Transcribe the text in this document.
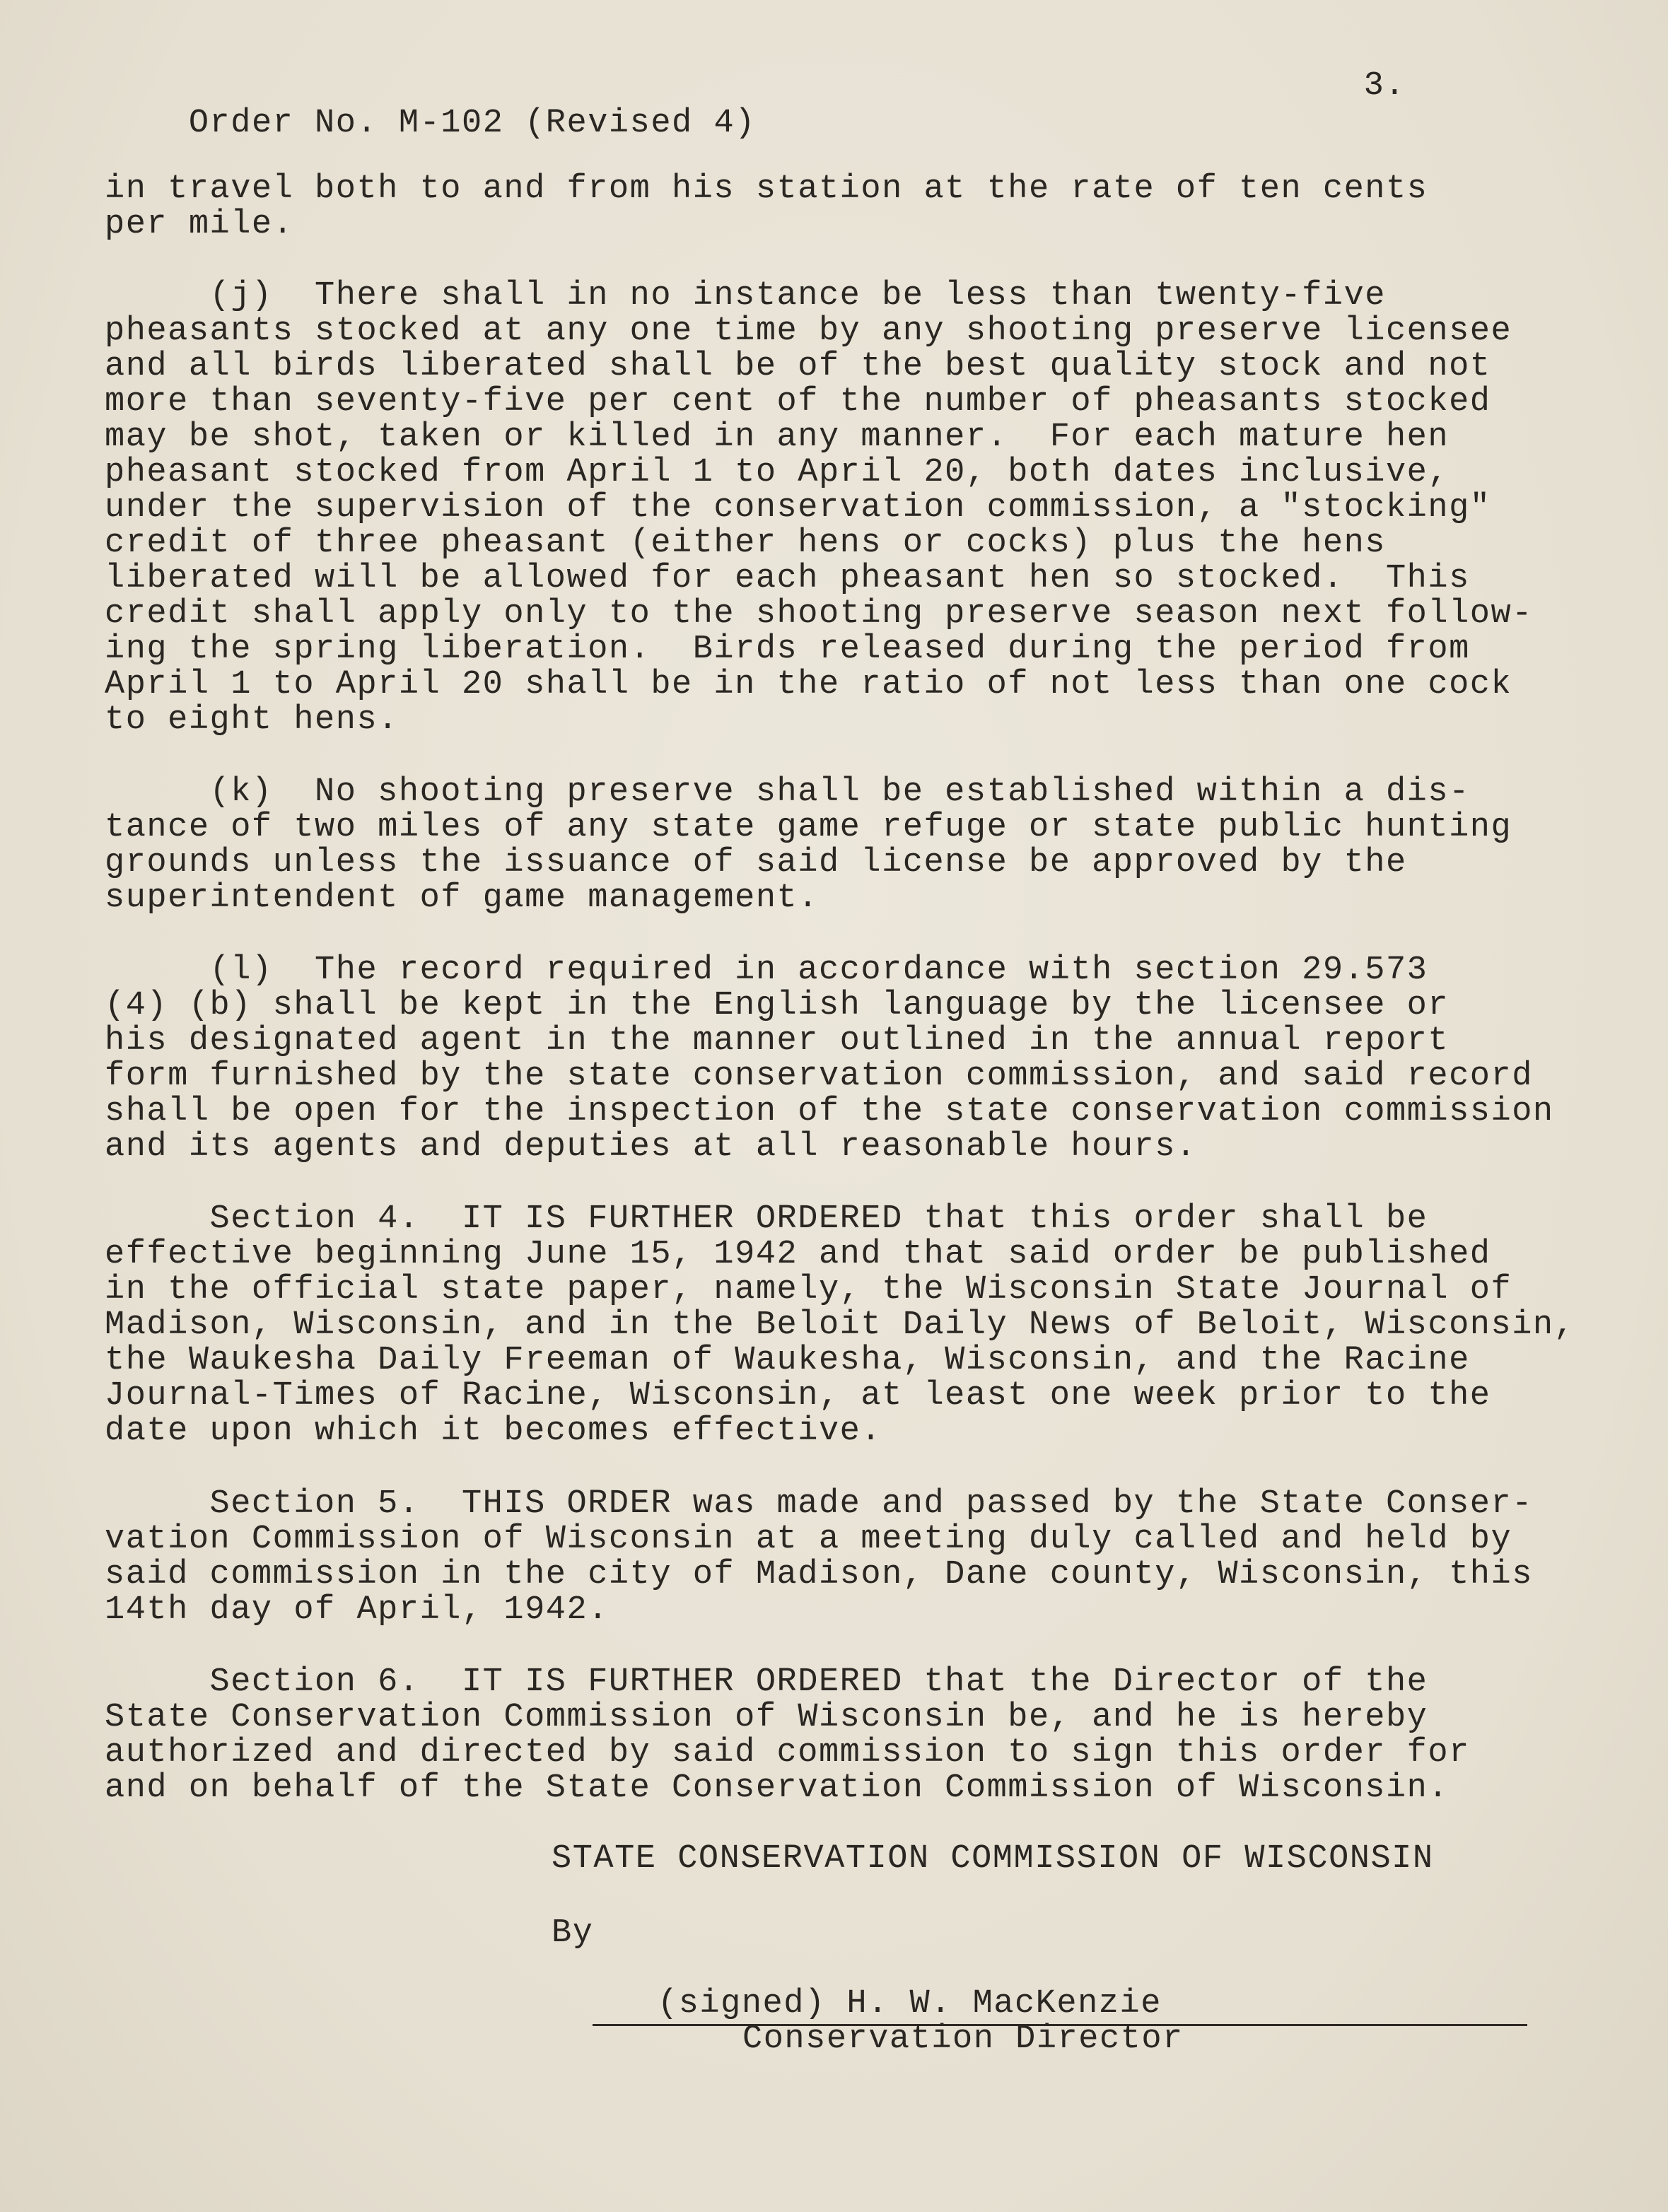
Order No. M-102 (Revised 4)

3.

in travel both to and from his station at the rate of ten cents
per mile.
(j)  There shall in no instance be less than twenty-five
pheasants stocked at any one time by any shooting preserve licensee
and all birds liberated shall be of the best quality stock and not
more than seventy-five per cent of the number of pheasants stocked
may be shot, taken or killed in any manner.  For each mature hen
pheasant stocked from April 1 to April 20, both dates inclusive,
under the supervision of the conservation commission, a "stocking"
credit of three pheasant (either hens or cocks) plus the hens
liberated will be allowed for each pheasant hen so stocked.  This
credit shall apply only to the shooting preserve season next follow-
ing the spring liberation.  Birds released during the period from
April 1 to April 20 shall be in the ratio of not less than one cock
to eight hens.
(k)  No shooting preserve shall be established within a dis-
tance of two miles of any state game refuge or state public hunting
grounds unless the issuance of said license be approved by the
superintendent of game management.
(l)  The record required in accordance with section 29.573
(4) (b) shall be kept in the English language by the licensee or
his designated agent in the manner outlined in the annual report
form furnished by the state conservation commission, and said record
shall be open for the inspection of the state conservation commission
and its agents and deputies at all reasonable hours.
Section 4.  IT IS FURTHER ORDERED that this order shall be
effective beginning June 15, 1942 and that said order be published
in the official state paper, namely, the Wisconsin State Journal of
Madison, Wisconsin, and in the Beloit Daily News of Beloit, Wisconsin,
the Waukesha Daily Freeman of Waukesha, Wisconsin, and the Racine
Journal-Times of Racine, Wisconsin, at least one week prior to the
date upon which it becomes effective.
Section 5.  THIS ORDER was made and passed by the State Conser-
vation Commission of Wisconsin at a meeting duly called and held by
said commission in the city of Madison, Dane county, Wisconsin, this
14th day of April, 1942.
Section 6.  IT IS FURTHER ORDERED that the Director of the
State Conservation Commission of Wisconsin be, and he is hereby
authorized and directed by said commission to sign this order for
and on behalf of the State Conservation Commission of Wisconsin.
STATE CONSERVATION COMMISSION OF WISCONSIN
By
(signed) H. W. MacKenzie
Conservation Director
